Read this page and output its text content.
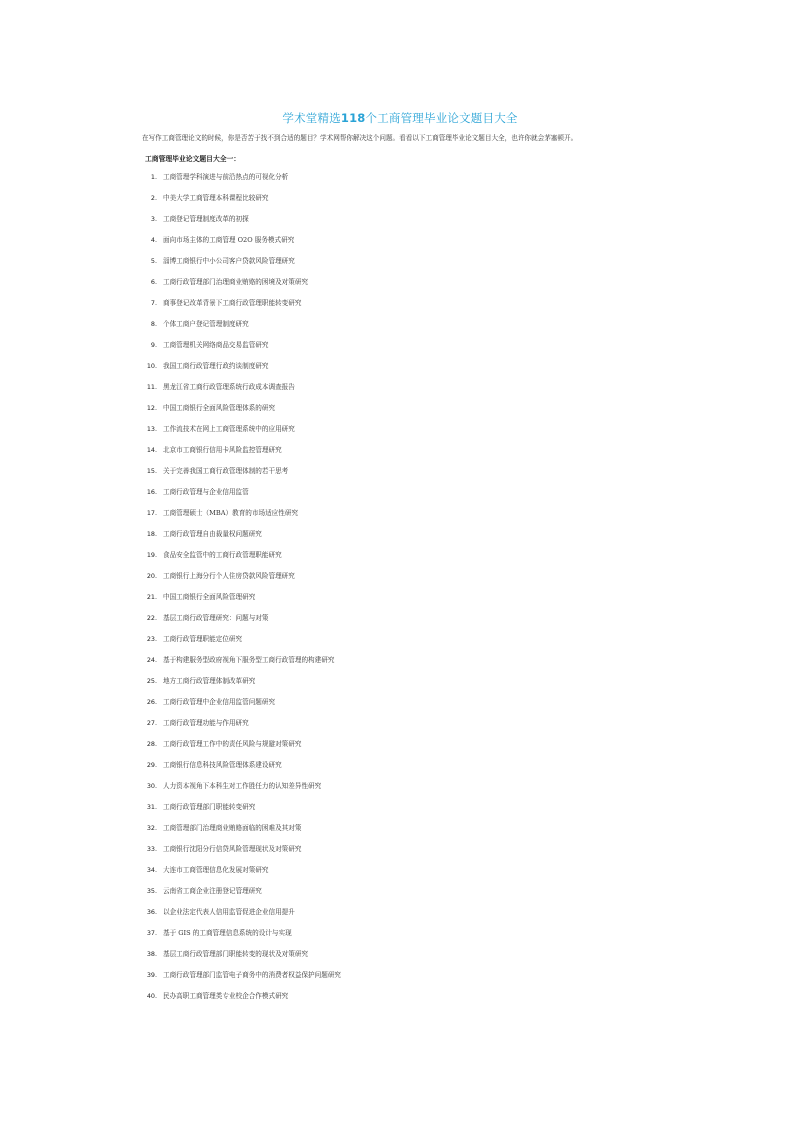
学术堂精选118个工商管理毕业论文题目大全
在写作工商管理论文的时候，你是否苦于找不到合适的题目？学术网帮你解决这个问题。看看以下工商管理毕业论文题目大全，也许你就会茅塞顿开。
工商管理毕业论文题目大全一：
1 . 工商管理学科演进与前沿热点的可视化分析
2 . 中美大学工商管理本科课程比较研究
3 . 工商登记管理制度改革的初探
4 . 面向市场主体的工商管理 O2O 服务模式研究
5 . 淄博工商银行中小公司客户贷款风险管理研究
6 . 工商行政管理部门治理商业贿赂的困境及对策研究
7 . 商事登记改革背景下工商行政管理职能转变研究
8 . 个体工商户登记管理制度研究
9 . 工商管理机关网络商品交易监管研究
10 . 我国工商行政管理行政约谈制度研究
11 . 黑龙江省工商行政管理系统行政成本调查报告
12 . 中国工商银行全面风险管理体系的研究
13 . 工作流技术在网上工商管理系统中的应用研究
14 . 北京市工商银行信用卡风险监控管理研究
15 . 关于完善我国工商行政管理体制的若干思考
16 . 工商行政管理与企业信用监管
17 . 工商管理硕士（MBA）教育的市场适应性研究
18 . 工商行政管理自由裁量权问题研究
19 . 食品安全监管中的工商行政管理职能研究
20 . 工商银行上海分行个人住房贷款风险管理研究
21 . 中国工商银行全面风险管理研究
22 . 基层工商行政管理研究：问题与对策
23 . 工商行政管理职能定位研究
24 . 基于构建服务型政府视角下服务型工商行政管理的构建研究
25 . 地方工商行政管理体制改革研究
26 . 工商行政管理中企业信用监管问题研究
27 . 工商行政管理功能与作用研究
28 . 工商行政管理工作中的责任风险与规避对策研究
29 . 工商银行信息科技风险管理体系建设研究
30 . 人力资本视角下本科生对工作胜任力的认知差异性研究
31 . 工商行政管理部门职能转变研究
32 . 工商管理部门治理商业贿赂面临的困难及其对策
33 . 工商银行沈阳分行信贷风险管理现状及对策研究
34 . 大连市工商管理信息化发展对策研究
35 . 云南省工商企业注册登记管理研究
36 . 以企业法定代表人信用监管促进企业信用提升
37 . 基于 GIS 的工商管理信息系统的设计与实现
38 . 基层工商行政管理部门职能转变的现状及对策研究
39 . 工商行政管理部门监管电子商务中的消费者权益保护问题研究
40 . 民办高职工商管理类专业校企合作模式研究
